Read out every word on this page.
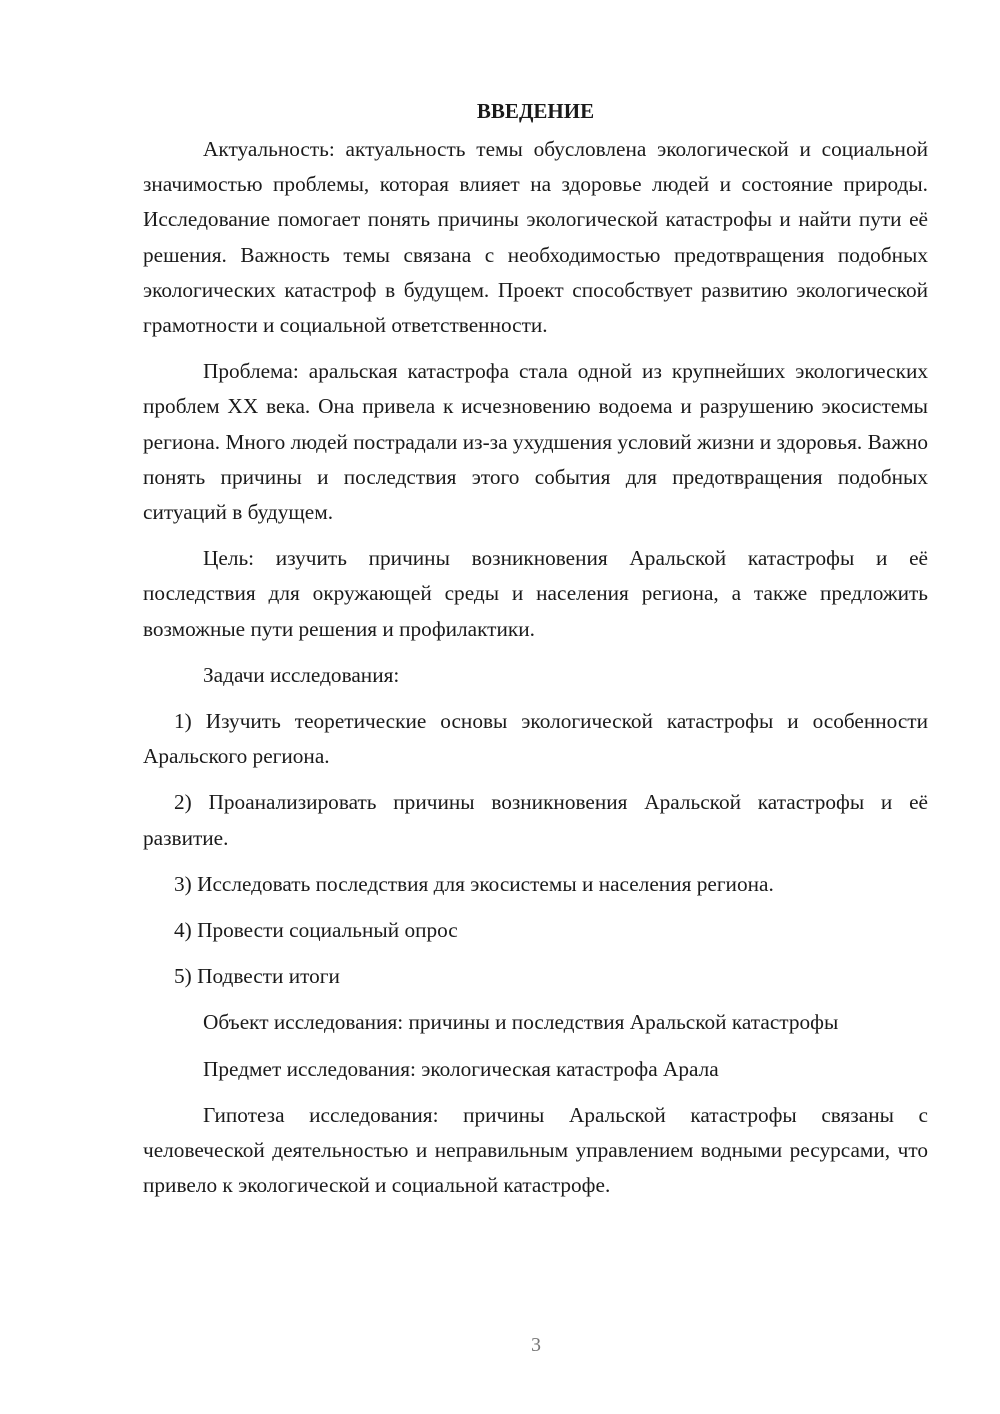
ВВЕДЕНИЕ

Актуальность: актуальность темы обусловлена экологической и социальной значимостью проблемы, которая влияет на здоровье людей и состояние природы. Исследование помогает понять причины экологической катастрофы и найти пути её решения. Важность темы связана с необходимостью предотвращения подобных экологических катастроф в будущем. Проект способствует развитию экологической грамотности и социальной ответственности.

Проблема: аральская катастрофа стала одной из крупнейших экологических проблем XX века. Она привела к исчезновению водоема и разрушению экосистемы региона. Много людей пострадали из-за ухудшения условий жизни и здоровья. Важно понять причины и последствия этого события для предотвращения подобных ситуаций в будущем.

Цель: изучить причины возникновения Аральской катастрофы и её последствия для окружающей среды и населения региона, а также предложить возможные пути решения и профилактики.

Задачи исследования:

1) Изучить теоретические основы экологической катастрофы и особенности Аральского региона.

2) Проанализировать причины возникновения Аральской катастрофы и её развитие.

3) Исследовать последствия для экосистемы и населения региона.

4) Провести социальный опрос

5) Подвести итоги

Объект исследования: причины и последствия Аральской катастрофы

Предмет исследования: экологическая катастрофа Арала

Гипотеза исследования: причины Аральской катастрофы связаны с человеческой деятельностью и неправильным управлением водными ресурсами, что привело к экологической и социальной катастрофе.

3
